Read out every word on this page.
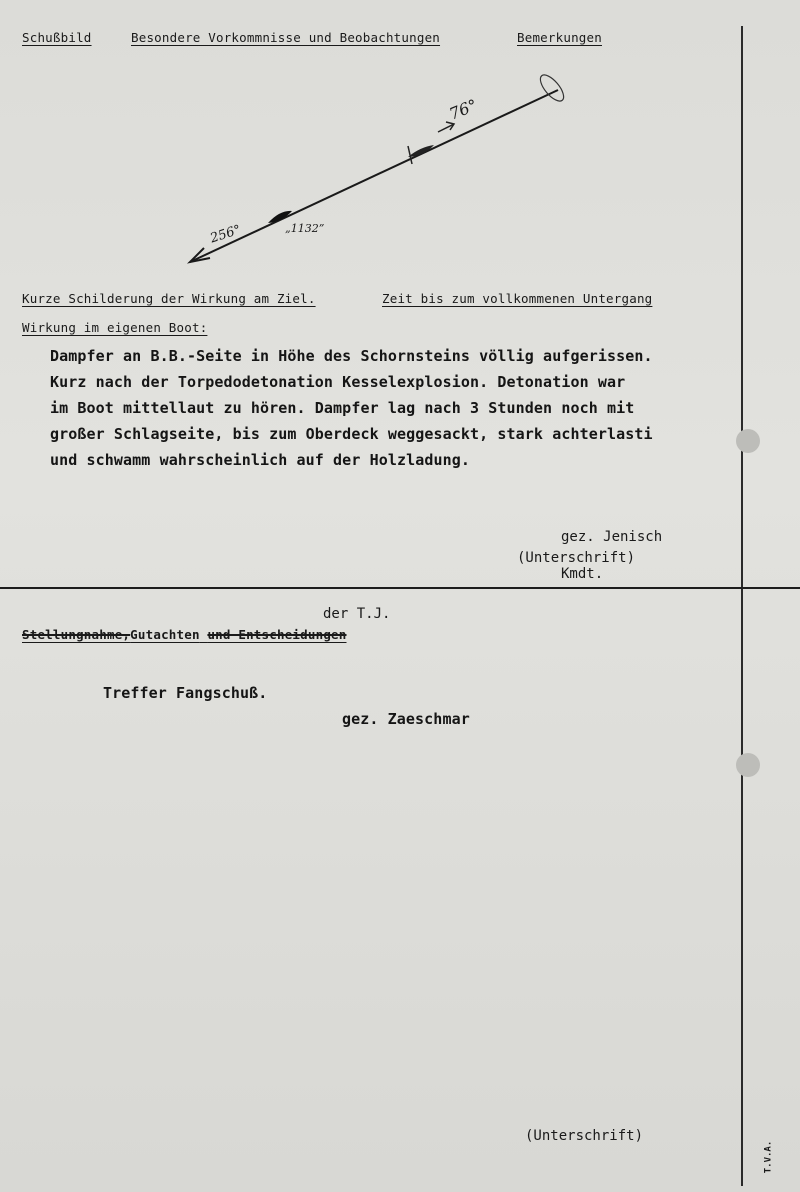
Schußbild	Besondere Vorkommnisse und Beobachtungen	Bemerkungen
76°
256°	„1132”
Kurze Schilderung der Wirkung am Ziel.	Zeit bis zum vollkommenen Untergang
Wirkung im eigenen Boot:
Dampfer an B.B.-Seite in Höhe des Schornsteins völlig aufgerissen.
Kurz nach der Torpedodetonation Kesselexplosion. Detonation war
im Boot mittellaut zu hören. Dampfer lag nach 3 Stunden noch mit
großer Schlagseite, bis zum Oberdeck weggesackt, stark achterlasti
und schwamm wahrscheinlich auf der Holzladung.
gez. Jenisch
(Unterschrift)
Kmdt.
der T.J.
Stellungnahme,Gutachten und Entscheidungen
Treffer Fangschuß.
gez. Zaeschmar
(Unterschrift)
T.V.A.
